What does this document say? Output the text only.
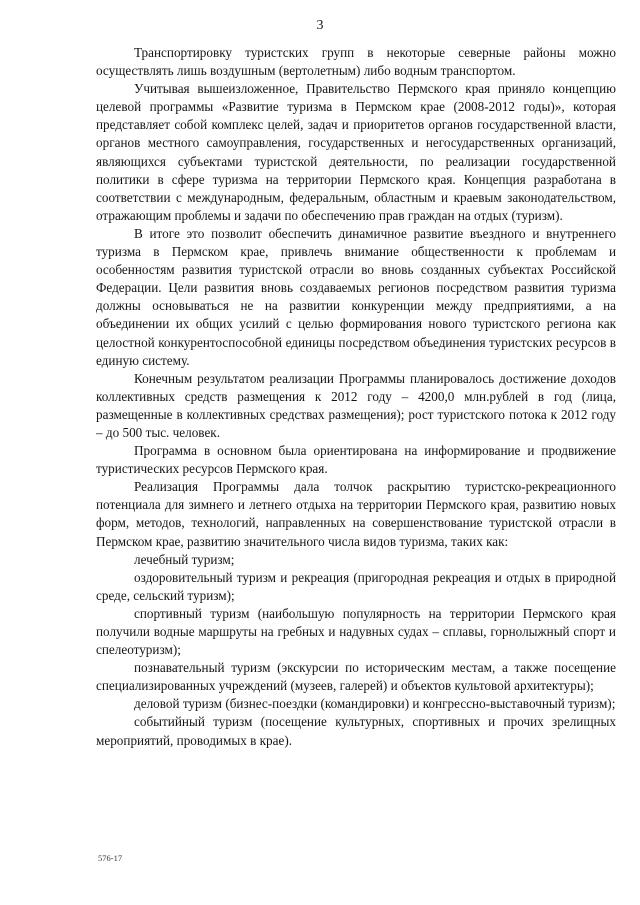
3

Транспортировку туристских групп в некоторые северные районы можно осуществлять лишь воздушным (вертолетным) либо водным транспортом.

Учитывая вышеизложенное, Правительство Пермского края приняло концепцию целевой программы «Развитие туризма в Пермском крае (2008-2012 годы)», которая представляет собой комплекс целей, задач и приоритетов органов государственной власти, органов местного самоуправления, государственных и негосударственных организаций, являющихся субъектами туристской деятельности, по реализации государственной политики в сфере туризма на территории Пермского края. Концепция разработана в соответствии с международным, федеральным, областным и краевым законодательством, отражающим проблемы и задачи по обеспечению прав граждан на отдых (туризм).

В итоге это позволит обеспечить динамичное развитие въездного и внутреннего туризма в Пермском крае, привлечь внимание общественности к проблемам и особенностям развития туристской отрасли во вновь созданных субъектах Российской Федерации. Цели развития вновь создаваемых регионов посредством развития туризма должны основываться не на развитии конкуренции между предприятиями, а на объединении их общих усилий с целью формирования нового туристского региона как целостной конкурентоспособной единицы посредством объединения туристских ресурсов в единую систему.

Конечным результатом реализации Программы планировалось достижение доходов коллективных средств размещения к 2012 году – 4200,0 млн.рублей в год (лица, размещенные в коллективных средствах размещения); рост туристского потока к 2012 году – до 500 тыс. человек.

Программа в основном была ориентирована на информирование и продвижение туристических ресурсов Пермского края.

Реализация Программы дала толчок раскрытию туристско-рекреационного потенциала для зимнего и летнего отдыха на территории Пермского края, развитию новых форм, методов, технологий, направленных на совершенствование туристской отрасли в Пермском крае, развитию значительного числа видов туризма, таких как:

лечебный туризм;

оздоровительный туризм и рекреация (пригородная рекреация и отдых в природной среде, сельский туризм);

спортивный туризм (наибольшую популярность на территории Пермского края получили водные маршруты на гребных и надувных судах – сплавы, горнолыжный спорт и спелеотуризм);

познавательный туризм (экскурсии по историческим местам, а также посещение специализированных учреждений (музеев, галерей) и объектов культовой архитектуры);

деловой туризм (бизнес-поездки (командировки) и конгрессно-выставочный туризм);

событийный туризм (посещение культурных, спортивных и прочих зрелищных мероприятий, проводимых в крае).

576-17
